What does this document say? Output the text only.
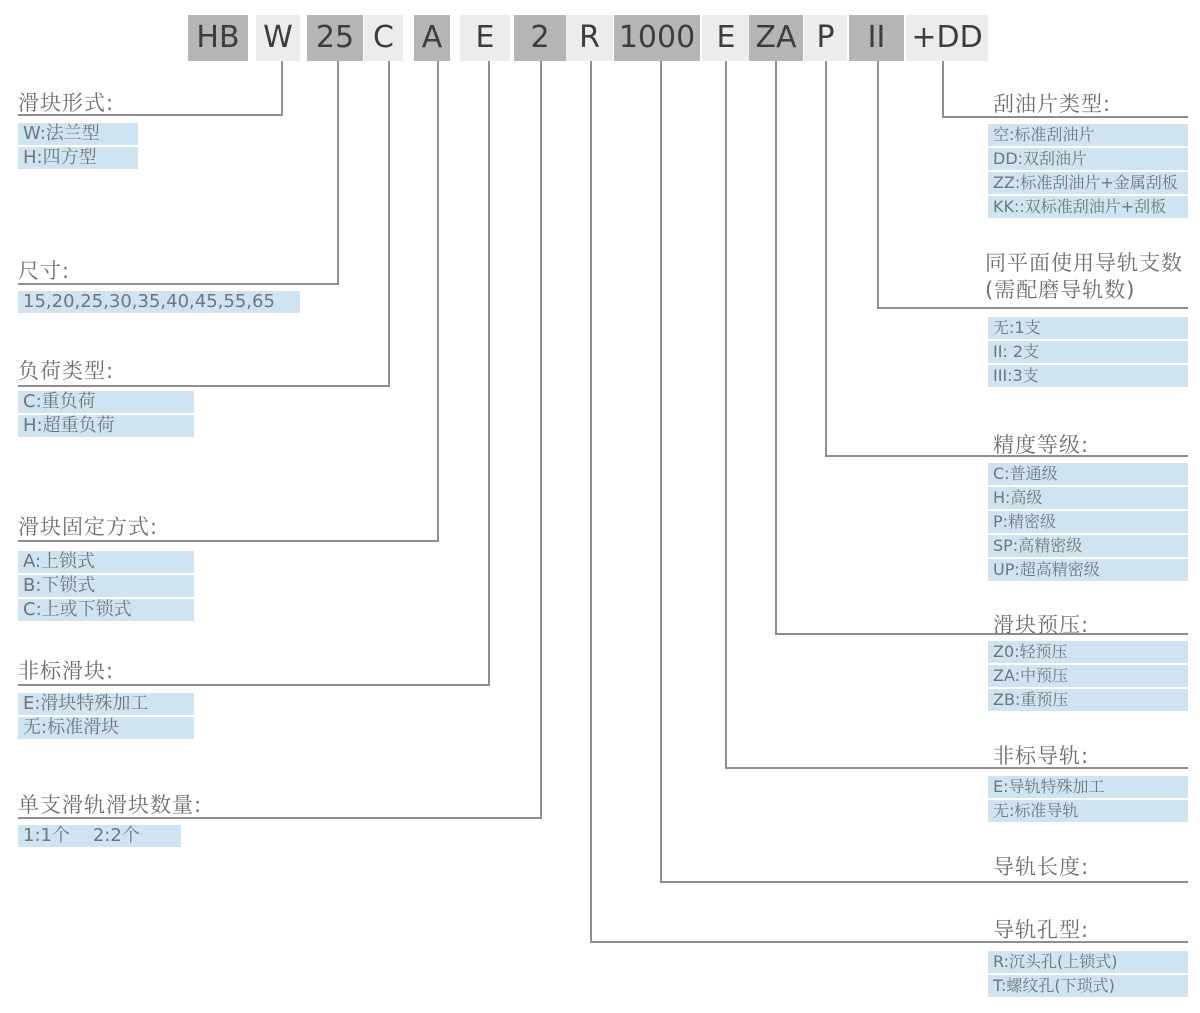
HB W 25 C A	E	2 R 1000 E ZA P	II +DD
滑块形式:
尺寸:
负荷类型:
滑块固定方式:
非标滑块:
单支滑轨滑块数量:
W:法兰型
H:四方型
15,20,25,30,35,40,45,55,65
C:重负荷
H:超重负荷
A:上锁式
B:下锁式
C:上或下锁式
E:滑块特殊加工
无:标准滑块
1:1个    2:2个
刮油片类型:
同平面使用导轨支数
(需配磨导轨数)
精度等级:
滑块预压:
非标导轨:
导轨长度:
导轨孔型:
空:标准刮油片
DD:双刮油片
ZZ:标准刮油片+金属刮板
KK::双标准刮油片+刮板
无:1支
II: 2支
III:3支
C:普通级
H:高级
P:精密级
SP:高精密级
UP:超高精密级
Z0:轻预压
ZA:中预压
ZB:重预压
E:导轨特殊加工
无:标准导轨
R:沉头孔(上锁式)
T:螺纹孔(下琐式)
